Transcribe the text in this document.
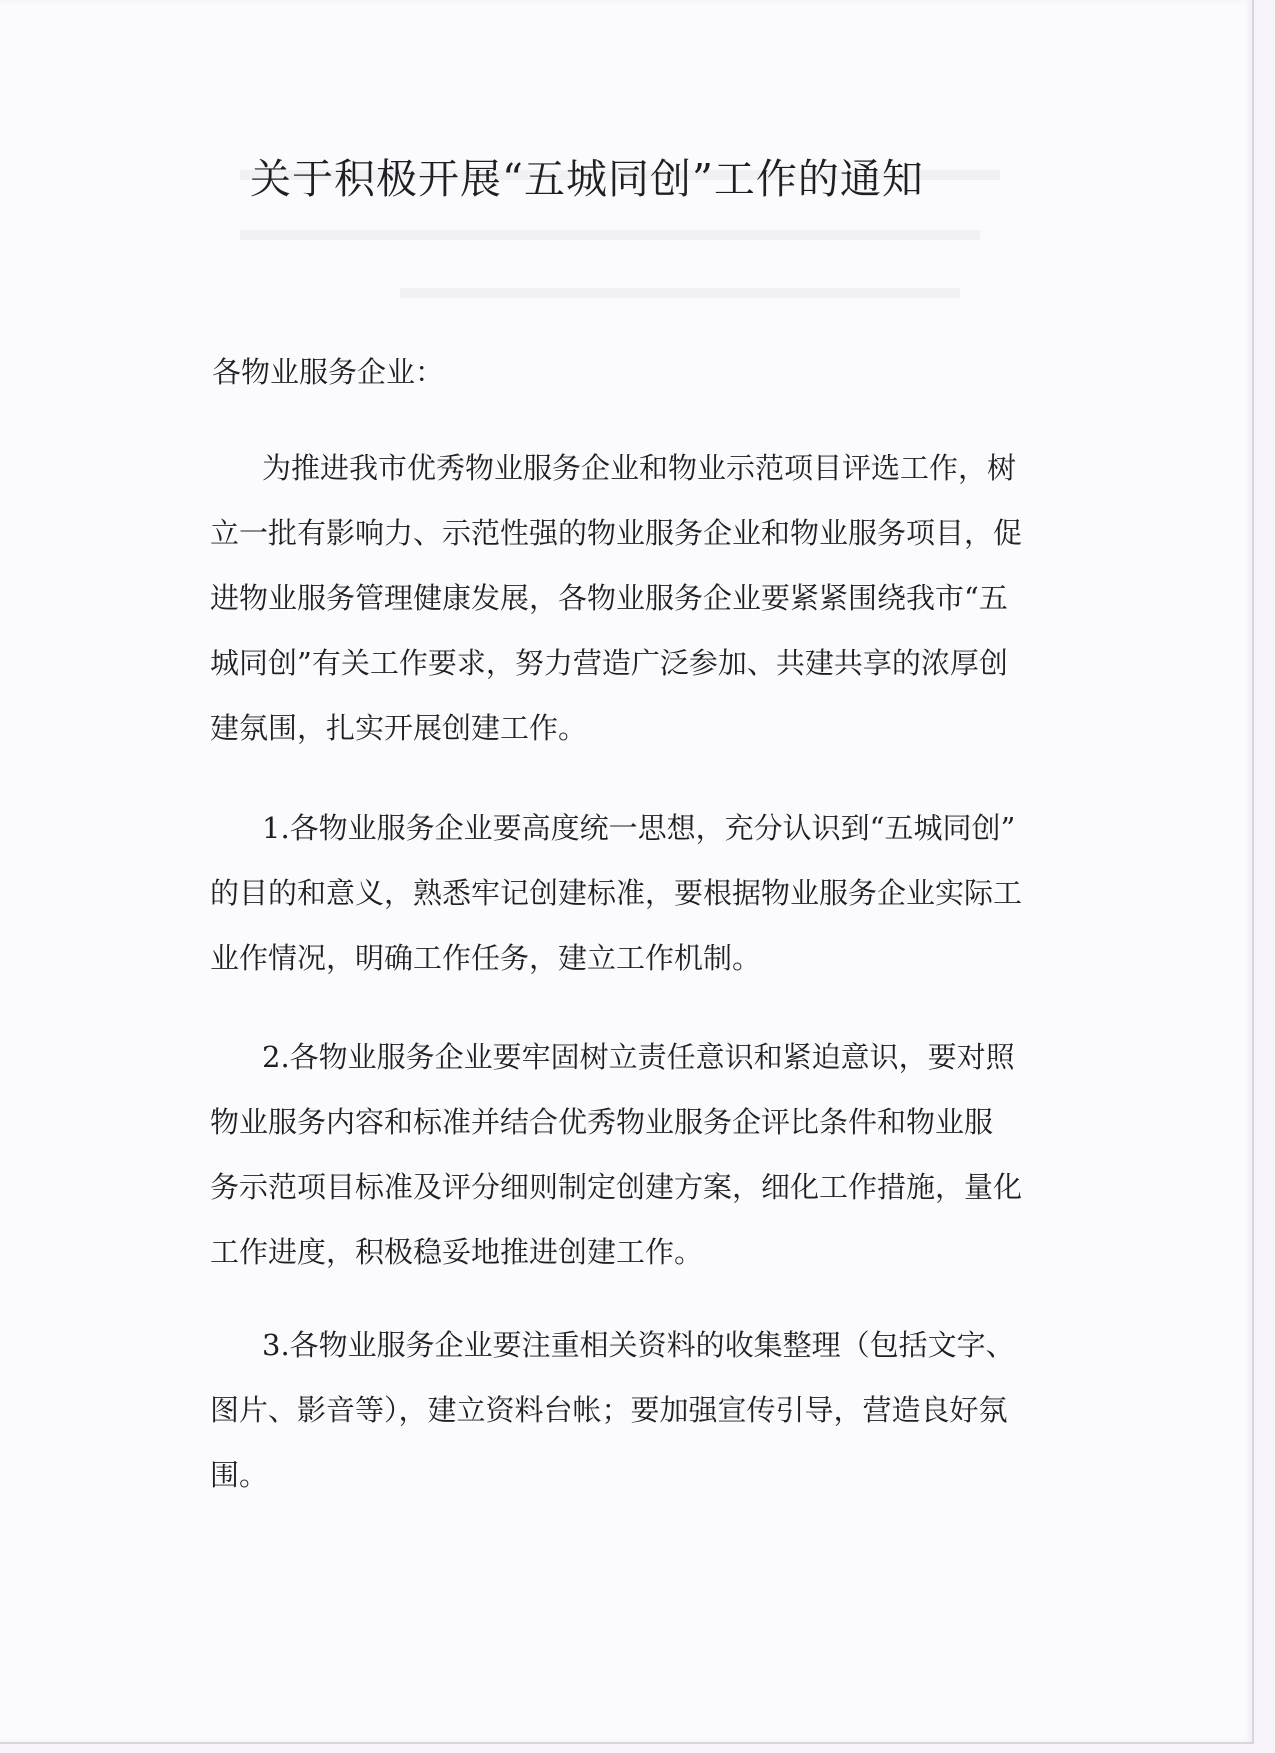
关于积极开展“五城同创”工作的通知
各物业服务企业：
为推进我市优秀物业服务企业和物业示范项目评选工作，树
立一批有影响力、示范性强的物业服务企业和物业服务项目，促
进物业服务管理健康发展，各物业服务企业要紧紧围绕我市“五
城同创”有关工作要求，努力营造广泛参加、共建共享的浓厚创
建氛围，扎实开展创建工作。
1.各物业服务企业要高度统一思想，充分认识到“五城同创”
的目的和意义，熟悉牢记创建标准，要根据物业服务企业实际工
业作情况，明确工作任务，建立工作机制。
2.各物业服务企业要牢固树立责任意识和紧迫意识，要对照
物业服务内容和标准并结合优秀物业服务企评比条件和物业服
务示范项目标准及评分细则制定创建方案，细化工作措施，量化
工作进度，积极稳妥地推进创建工作。
3.各物业服务企业要注重相关资料的收集整理（包括文字、
图片、影音等），建立资料台帐；要加强宣传引导，营造良好氛
围。
